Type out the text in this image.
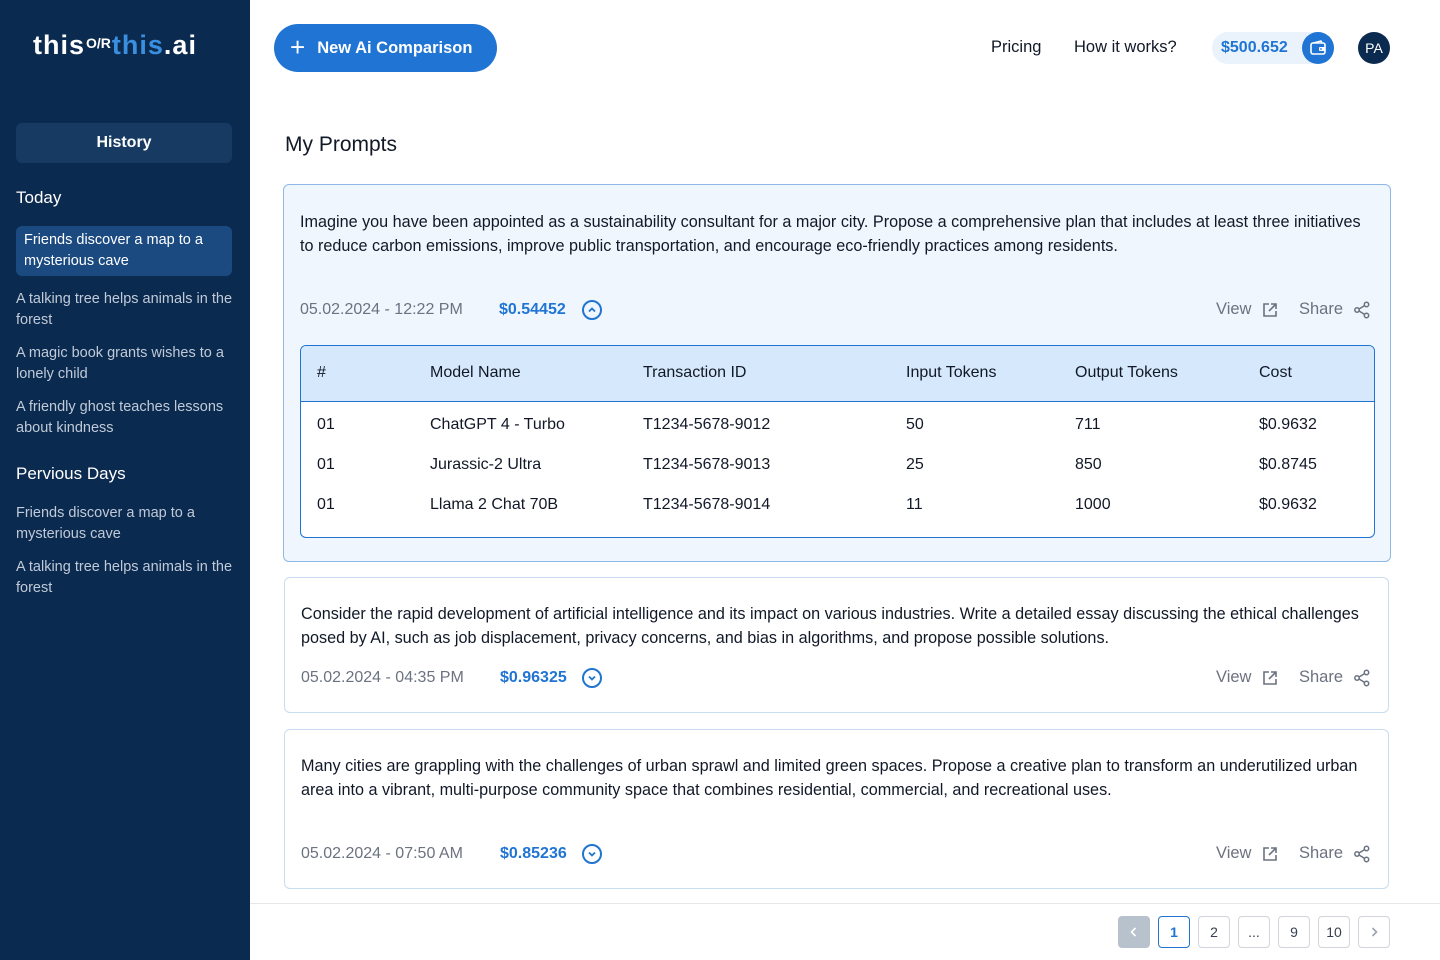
thisO/Rthis.ai
History
Today
Friends discover a map to a mysterious cave
A talking tree helps animals in the forest
A magic book grants wishes to a lonely child
A friendly ghost teaches lessons about kindness
Pervious Days
Friends discover a map to a mysterious cave
A talking tree helps animals in the forest
+ New Ai Comparison	Pricing How it works?	$500.652	PA
My Prompts
Imagine you have been appointed as a sustainability consultant for a major city. Propose a comprehensive plan that includes at least three initiatives to reduce carbon emissions, improve public transportation, and encourage eco-friendly practices among residents.
05.02.2024 - 12:22 PM $0.54452	View	Share
#	Model Name	Transaction ID	Input Tokens	Output Tokens	Cost
01	ChatGPT 4 - Turbo	T1234-5678-9012	50	711	$0.9632
01	Jurassic-2 Ultra	T1234-5678-9013	25	850	$0.8745
01	Llama 2 Chat 70B	T1234-5678-9014	11	1000	$0.9632
Consider the rapid development of artificial intelligence and its impact on various industries. Write a detailed essay discussing the ethical challenges posed by AI, such as job displacement, privacy concerns, and bias in algorithms, and propose possible solutions.
05.02.2024 - 04:35 PM $0.96325	View	Share
Many cities are grappling with the challenges of urban sprawl and limited green spaces. Propose a creative plan to transform an underutilized urban area into a vibrant, multi-purpose community space that combines residential, commercial, and recreational uses.
05.02.2024 - 07:50 AM $0.85236	View	Share
1	2	...	9	10
